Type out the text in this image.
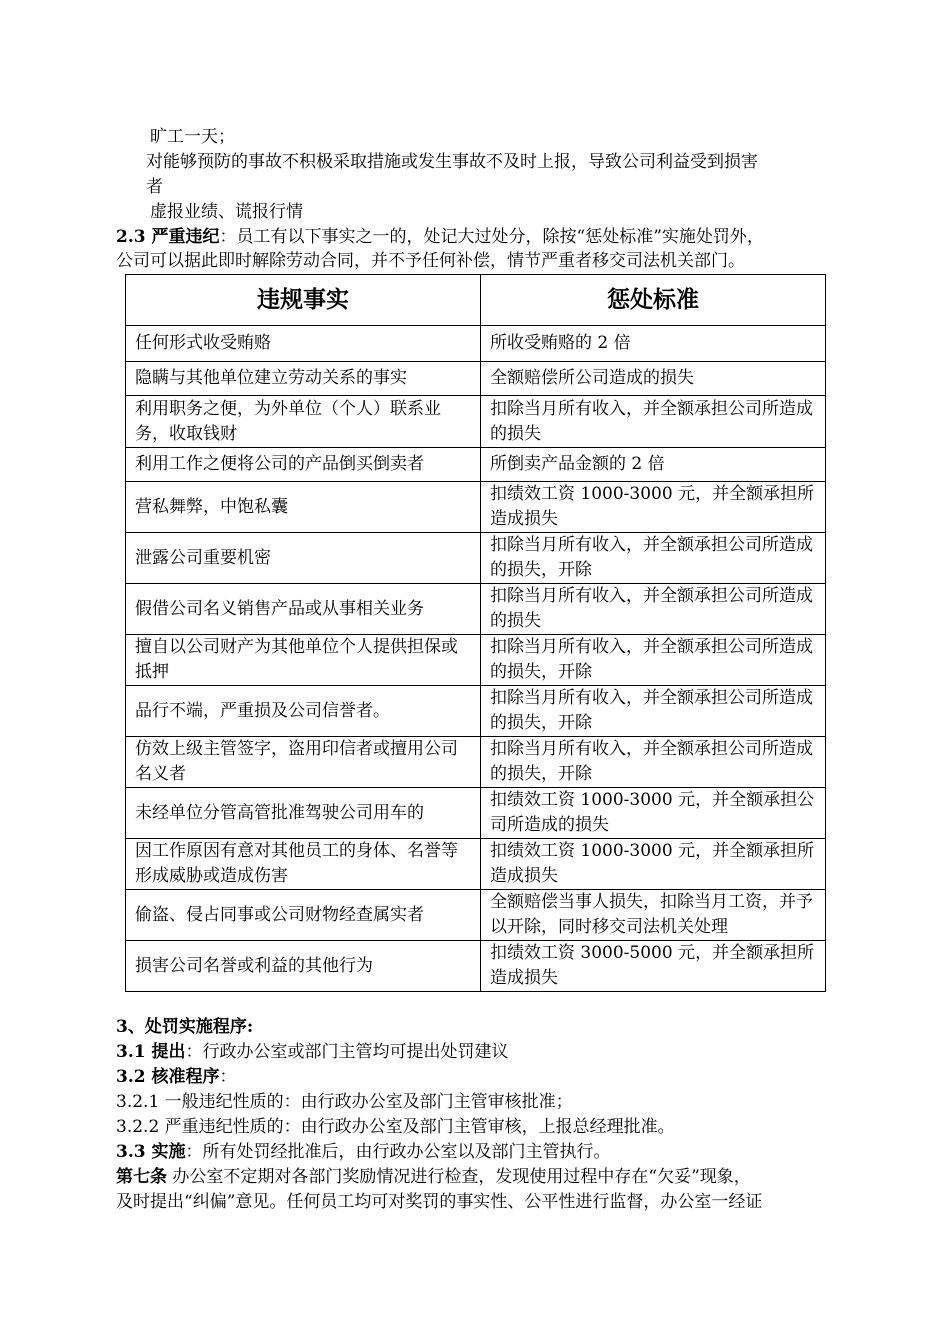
旷工一天；
对能够预防的事故不积极采取措施或发生事故不及时上报，导致公司利益受到损害
者
虚报业绩、谎报行情
2.3 严重违纪：员工有以下事实之一的，处记大过处分，除按“惩处标准”实施处罚外，
公司可以据此即时解除劳动合同，并不予任何补偿，情节严重者移交司法机关部门。
违规事实	惩处标准
任何形式收受贿赂	所收受贿赂的 2 倍
隐瞒与其他单位建立劳动关系的事实	全额赔偿所公司造成的损失
利用职务之便，为外单位（个人）联系业务，收取钱财	扣除当月所有收入，并全额承担公司所造成的损失
利用工作之便将公司的产品倒买倒卖者	所倒卖产品金额的 2 倍
营私舞弊，中饱私囊	扣绩效工资 1000-3000 元，并全额承担所造成损失
泄露公司重要机密	扣除当月所有收入，并全额承担公司所造成的损失，开除
假借公司名义销售产品或从事相关业务	扣除当月所有收入，并全额承担公司所造成的损失
擅自以公司财产为其他单位个人提供担保或抵押	扣除当月所有收入，并全额承担公司所造成的损失，开除
品行不端，严重损及公司信誉者。	扣除当月所有收入，并全额承担公司所造成的损失，开除
仿效上级主管签字，盗用印信者或擅用公司名义者	扣除当月所有收入，并全额承担公司所造成的损失，开除
未经单位分管高管批准驾驶公司用车的	扣绩效工资 1000-3000 元，并全额承担公司所造成的损失
因工作原因有意对其他员工的身体、名誉等形成威胁或造成伤害	扣绩效工资 1000-3000 元，并全额承担所造成损失
偷盗、侵占同事或公司财物经查属实者	全额赔偿当事人损失，扣除当月工资，并予以开除，同时移交司法机关处理
损害公司名誉或利益的其他行为	扣绩效工资 3000-5000 元，并全额承担所造成损失
3、处罚实施程序:
3.1 提出：行政办公室或部门主管均可提出处罚建议
3.2 核准程序：
3.2.1 一般违纪性质的：由行政办公室及部门主管审核批准；
3.2.2 严重违纪性质的：由行政办公室及部门主管审核，上报总经理批准。
3.3 实施：所有处罚经批准后，由行政办公室以及部门主管执行。
第七条 办公室不定期对各部门奖励情况进行检查，发现使用过程中存在“欠妥”现象，
及时提出“纠偏”意见。任何员工均可对奖罚的事实性、公平性进行监督，办公室一经证
